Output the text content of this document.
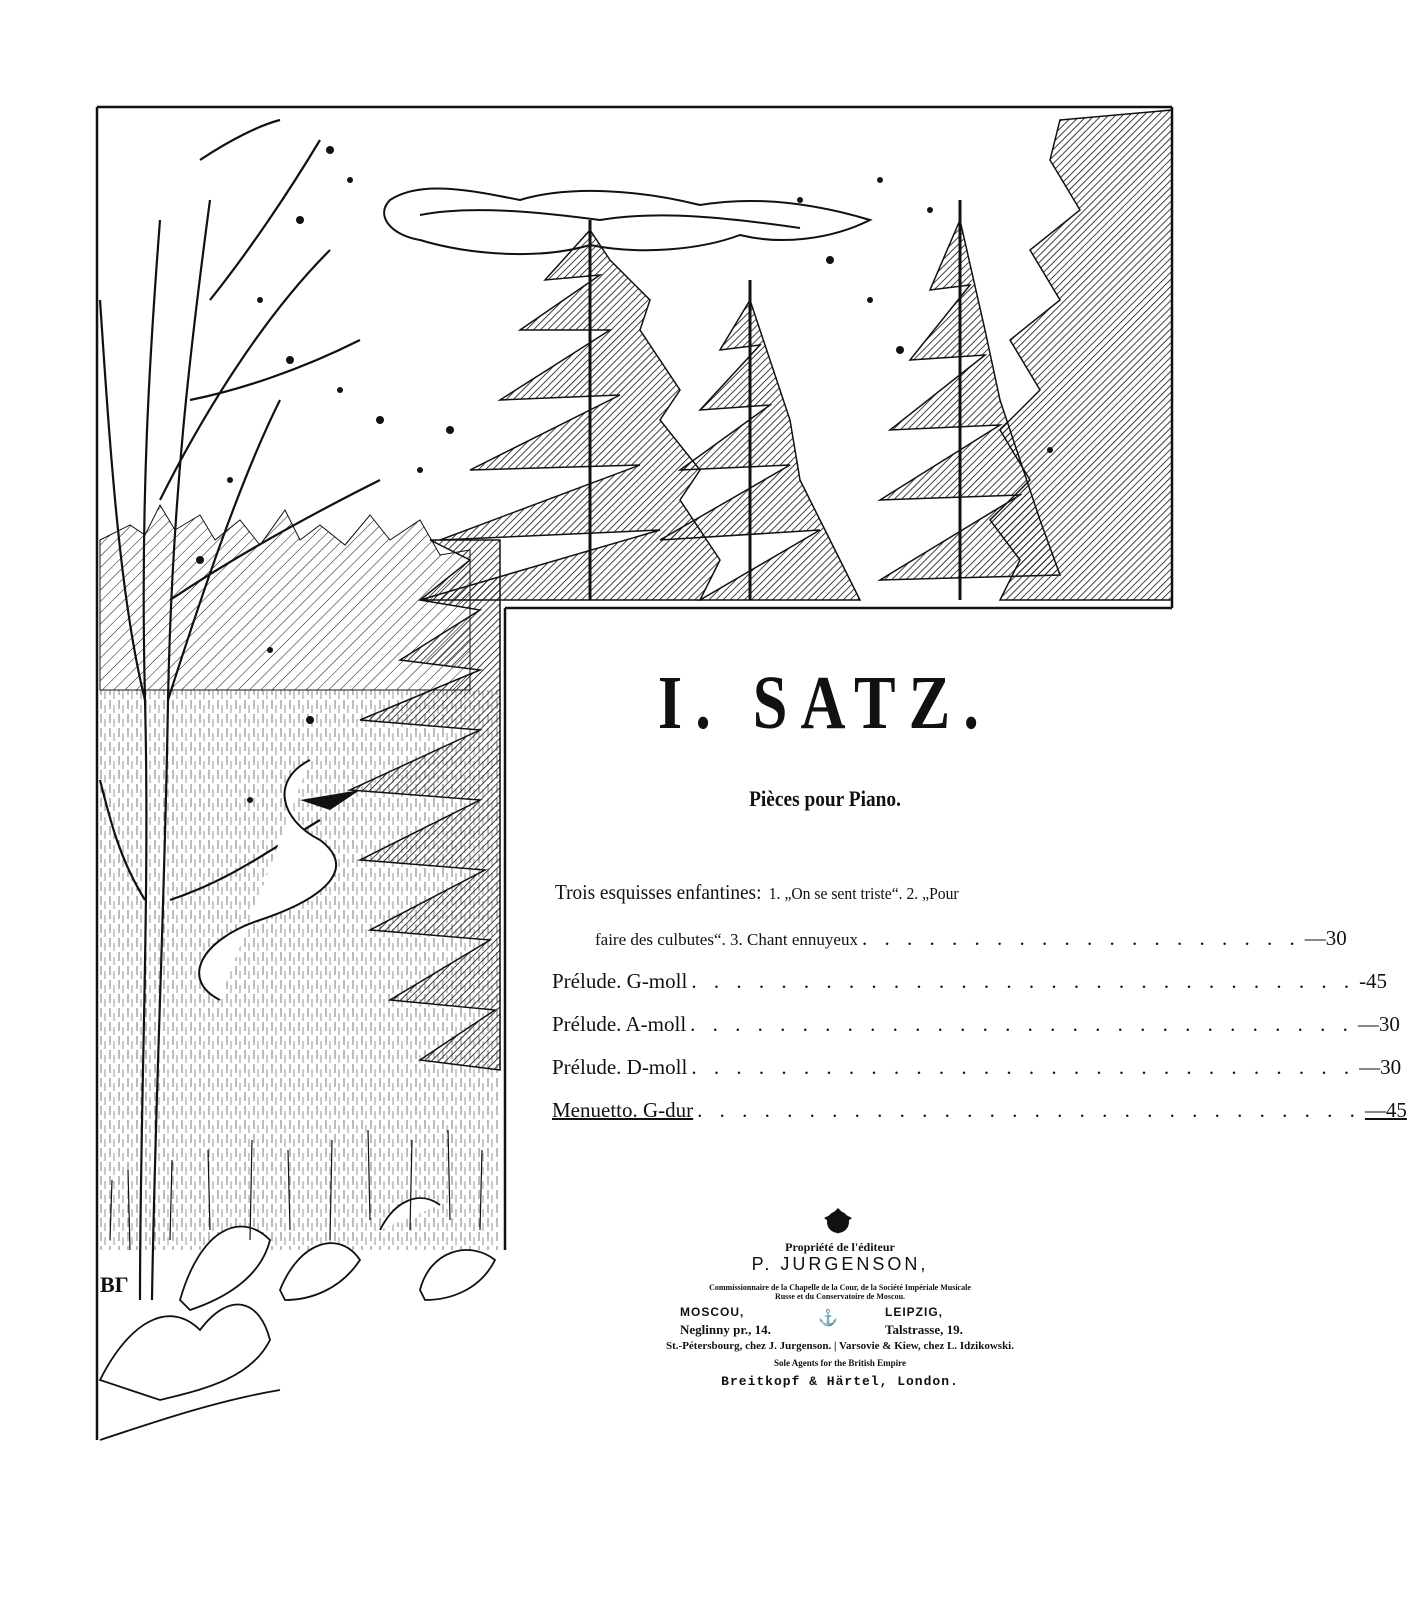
BΓ
I. SATZ.
Pièces pour Piano.
Trois esquisses enfantines: 1. „On se sent triste“. 2. „Pour
faire des culbutes“. 3. Chant ennuyeux . . . . . . . . . . . . . . . . . . . . —30
Prélude. G-moll . . . . . . . . . . . . . . . . . . . . . . . . . . . . . . -45
Prélude. A-moll . . . . . . . . . . . . . . . . . . . . . . . . . . . . . . —30
Prélude. D-moll . . . . . . . . . . . . . . . . . . . . . . . . . . . . . . —30
Menuetto. G-dur . . . . . . . . . . . . . . . . . . . . . . . . . . . . . . —45
Propriété de l'éditeur
P. JURGENSON,
Commissionnaire de la Chapelle de la Cour, de la Société Impériale Musicale
Russe et du Conservatoire de Moscou.
MOSCOU,	LEIPZIG,
Neglinny pr., 14.	Talstrasse, 19.
⚓
St.-Pétersbourg, chez J. Jurgenson. | Varsovie & Kiew, chez L. Idzikowski.
Sole Agents for the British Empire
Breitkopf & Härtel, London.
